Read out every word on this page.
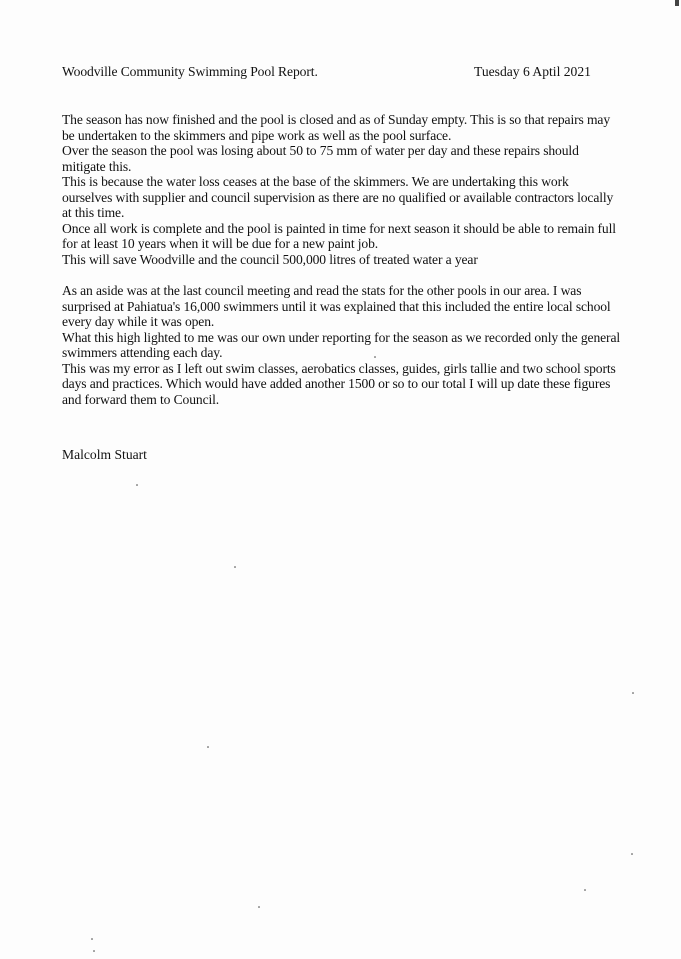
Woodville Community Swimming Pool Report.	Tuesday 6 Aptil 2021

The season has now finished and the pool is closed and as of Sunday empty. This is so that repairs may be undertaken to the skimmers and pipe work as well as the pool surface.

Over the season the pool was losing about 50 to 75 mm of water per day and these repairs should mitigate this.

This is because the water loss ceases at the base of the skimmers. We are undertaking this work ourselves with supplier and council supervision as there are no qualified or available contractors locally at this time.

Once all work is complete and the pool is painted in time for next season it should be able to remain full for at least 10 years when it will be due for a new paint job.

This will save Woodville and the council 500,000 litres of treated water a year

As an aside was at the last council meeting and read the stats for the other pools in our area. I was surprised at Pahiatua's 16,000 swimmers until it was explained that this included the entire local school every day while it was open.

What this high lighted to me was our own under reporting for the season as we recorded only the general swimmers attending each day.

This was my error as I left out swim classes, aerobatics classes, guides, girls tallie and two school sports days and practices. Which would have added another 1500 or so to our total I will up date these figures and forward them to Council.

Malcolm Stuart
